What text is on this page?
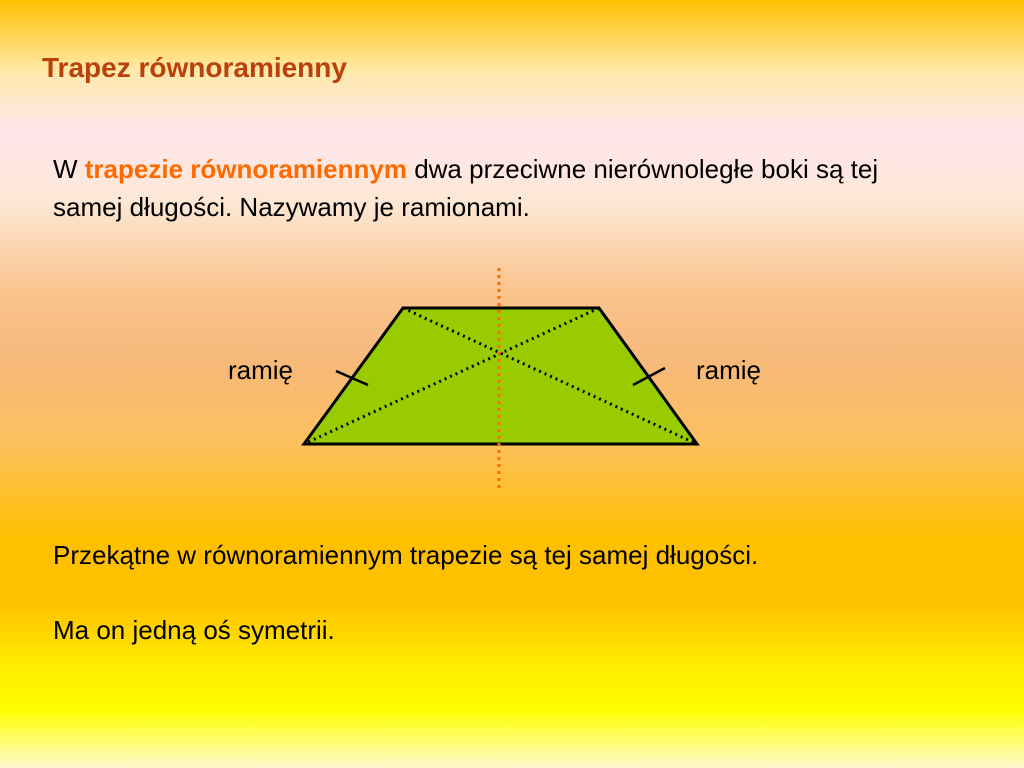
Trapez równoramienny
W trapezie równoramiennym dwa przeciwne nierównoległe boki są tej samej długości. Nazywamy je ramionami.
ramię	ramię
Przekątne w równoramiennym trapezie są tej samej długości.
Ma on jedną oś symetrii.
